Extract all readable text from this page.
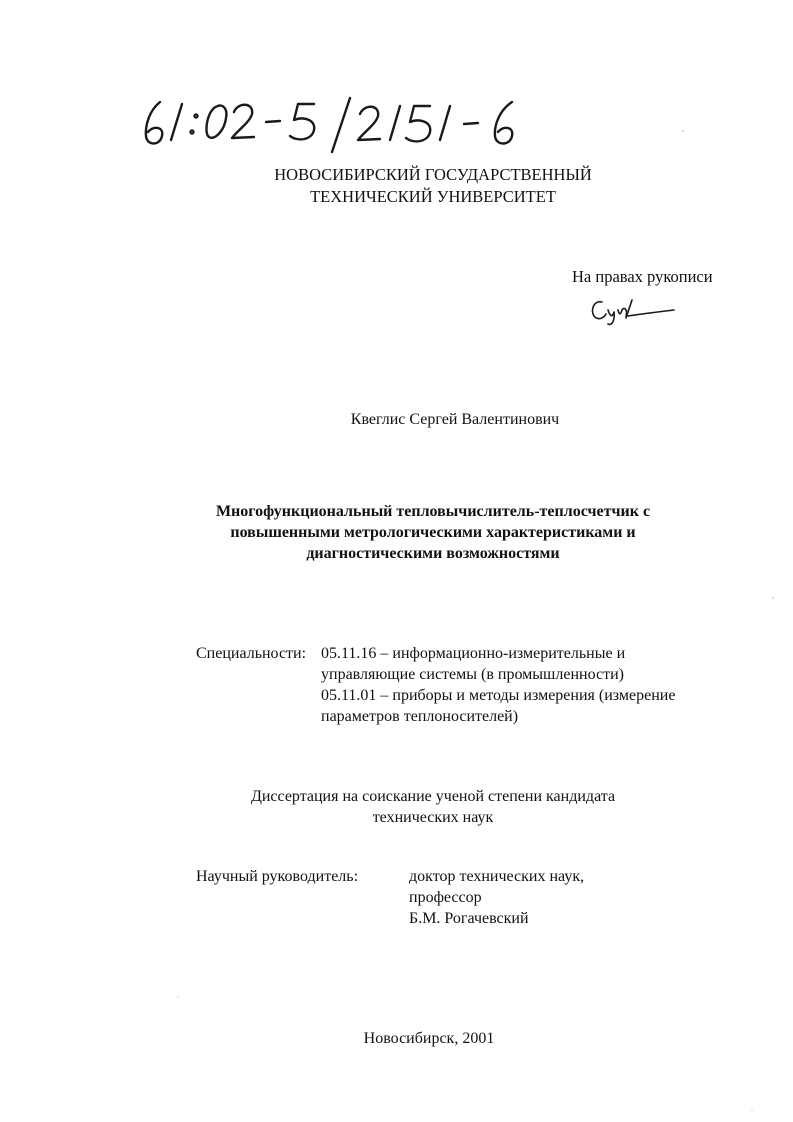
НОВОСИБИРСКИЙ ГОСУДАРСТВЕННЫЙ
ТЕХНИЧЕСКИЙ УНИВЕРСИТЕТ
На правах рукописи
Квеглис Сергей Валентинович
Многофункциональный тепловычислитель-теплосчетчик с
повышенными метрологическими характеристиками и
диагностическими возможностями
Специальности: 05.11.16 – информационно-измерительные и
управляющие системы (в промышленности)
05.11.01 – приборы и методы измерения (измерение
параметров теплоносителей)
Диссертация на соискание ученой степени кандидата
технических наук
Научный руководитель:	доктор технических наук,
профессор
Б.М. Рогачевский
Новосибирск, 2001
